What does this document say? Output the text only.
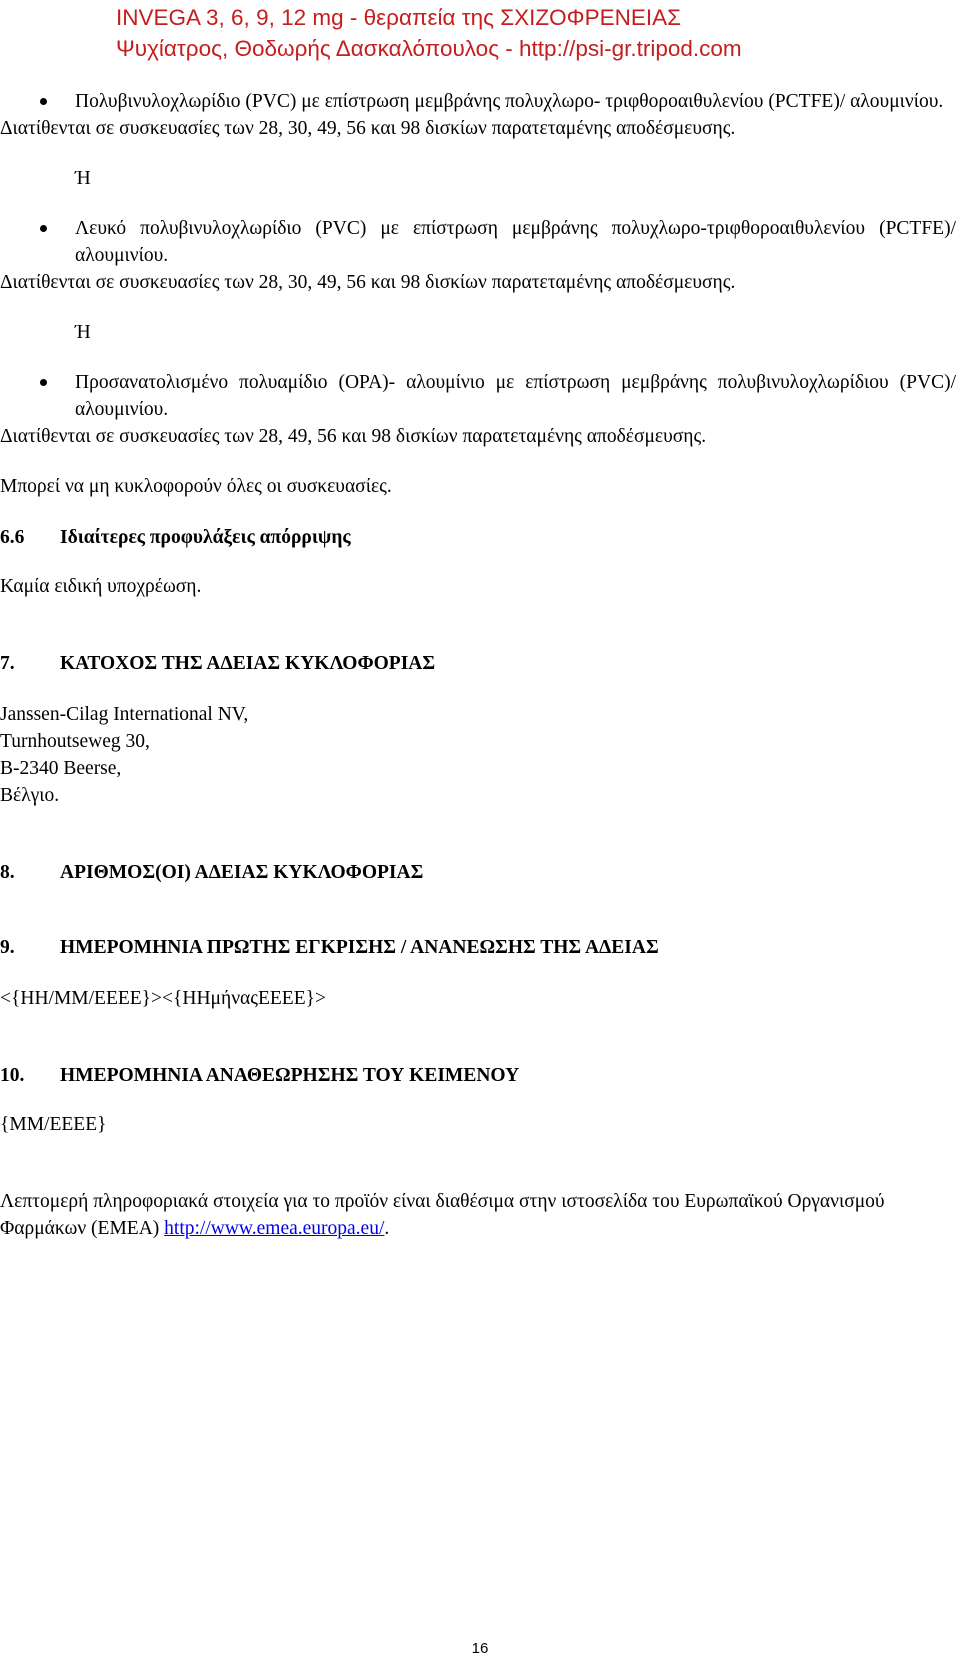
INVEGA 3, 6, 9, 12 mg - θεραπεία της ΣΧΙΖΟΦΡΕΝΕΙΑΣ
Ψυχίατρος, Θοδωρής Δασκαλόπουλος - http://psi-gr.tripod.com
Πολυβινυλοχλωρίδιο (PVC) με επίστρωση μεμβράνης πολυχλωρο- τριφθοροαιθυλενίου (PCTFE)/ αλουμινίου.

Διατίθενται σε συσκευασίες των 28, 30, 49, 56 και 98 δισκίων παρατεταμένης αποδέσμευσης.

Ή

Λευκό πολυβινυλοχλωρίδιο (PVC) με επίστρωση μεμβράνης πολυχλωρο-τριφθοροαιθυλενίου (PCTFE)/ αλουμινίου.

Διατίθενται σε συσκευασίες των 28, 30, 49, 56 και 98 δισκίων παρατεταμένης αποδέσμευσης.

Ή

Προσανατολισμένο πολυαμίδιο (OPA)- αλουμίνιο με επίστρωση μεμβράνης πολυβινυλοχλωρίδιου (PVC)/ αλουμινίου.

Διατίθενται σε συσκευασίες των 28, 49, 56 και 98 δισκίων παρατεταμένης αποδέσμευσης.

Μπορεί να μη κυκλοφορούν όλες οι συσκευασίες.

6.6	Ιδιαίτερες προφυλάξεις απόρριψης

Καμία ειδική υποχρέωση.

7.	ΚΑΤΟΧΟΣ ΤΗΣ ΑΔΕΙΑΣ ΚΥΚΛΟΦΟΡΙΑΣ

Janssen-Cilag International NV,

Turnhoutseweg 30,

B-2340 Beerse,

Βέλγιο.

8.	ΑΡΙΘΜΟΣ(ΟΙ) ΑΔΕΙΑΣ ΚΥΚΛΟΦΟΡΙΑΣ
9.	ΗΜΕΡΟΜΗΝΙΑ ΠΡΩΤΗΣ ΕΓΚΡΙΣΗΣ / ΑΝΑΝΕΩΣΗΣ ΤΗΣ ΑΔΕΙΑΣ

<{ΗΗ/ΜΜ/ΕΕΕΕ}><{ΗΗμήναςΕΕΕΕ}>

10.	ΗΜΕΡΟΜΗΝΙΑ ΑΝΑΘΕΩΡΗΣΗΣ ΤΟΥ ΚΕΙΜΕΝΟΥ

{ΜΜ/ΕΕΕΕ}

Λεπτομερή πληροφοριακά στοιχεία για το προϊόν είναι διαθέσιμα στην ιστοσελίδα του Ευρωπαϊκού Οργανισμού Φαρμάκων (ΕΜΕΑ) http://www.emea.europa.eu/.

16
